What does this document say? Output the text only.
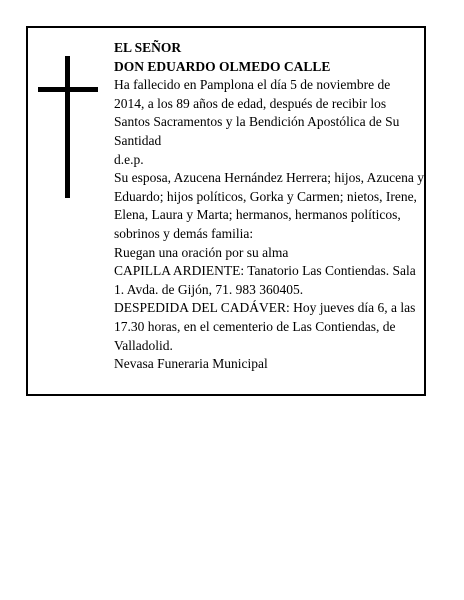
EL SEÑOR

DON EDUARDO OLMEDO CALLE

Ha fallecido en Pamplona el día 5 de noviembre de 2014, a los 89 años de edad, después de recibir los Santos Sacramentos y la Bendición Apostólica de Su Santidad

d.e.p.

Su esposa, Azucena Hernández Herrera; hijos, Azucena y Eduardo; hijos políticos, Gorka y Carmen; nietos, Irene, Elena, Laura y Marta; hermanos, hermanos políticos, sobrinos y demás familia:

Ruegan una oración por su alma

CAPILLA ARDIENTE: Tanatorio Las Contiendas. Sala 1. Avda. de Gijón, 71. 983 360405.

DESPEDIDA DEL CADÁVER: Hoy jueves día 6, a las 17.30 horas, en el cementerio de Las Contiendas, de Valladolid.

Nevasa Funeraria Municipal
